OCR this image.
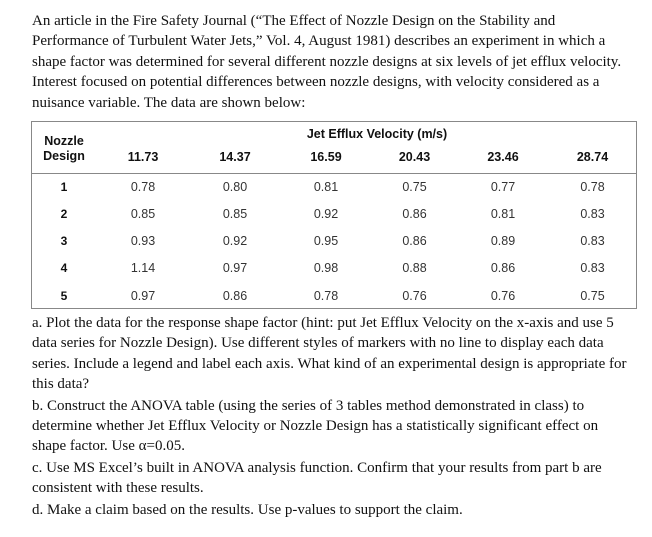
An article in the Fire Safety Journal (“The Effect of Nozzle Design on the Stability and Performance of Turbulent Water Jets,” Vol. 4, August 1981) describes an experiment in which a shape factor was determined for several different nozzle designs at six levels of jet efflux velocity. Interest focused on potential differences between nozzle designs, with velocity considered as a nuisance variable. The data are shown below:

Nozzle
Design	Jet Efflux Velocity (m/s)					
	11.73	14.37	16.59	20.43	23.46	28.74
1	0.78	0.80	0.81	0.75	0.77	0.78
2	0.85	0.85	0.92	0.86	0.81	0.83
3	0.93	0.92	0.95	0.86	0.89	0.83
4	1.14	0.97	0.98	0.88	0.86	0.83
5	0.97	0.86	0.78	0.76	0.76	0.75

a. Plot the data for the response shape factor (hint: put Jet Efflux Velocity on the x-axis and use 5 data series for Nozzle Design). Use different styles of markers with no line to display each data series. Include a legend and label each axis. What kind of an experimental design is appropriate for this data?

b. Construct the ANOVA table (using the series of 3 tables method demonstrated in class) to determine whether Jet Efflux Velocity or Nozzle Design has a statistically significant effect on shape factor. Use α=0.05.

c. Use MS Excel’s built in ANOVA analysis function. Confirm that your results from part b are consistent with these results.

d. Make a claim based on the results. Use p-values to support the claim.
